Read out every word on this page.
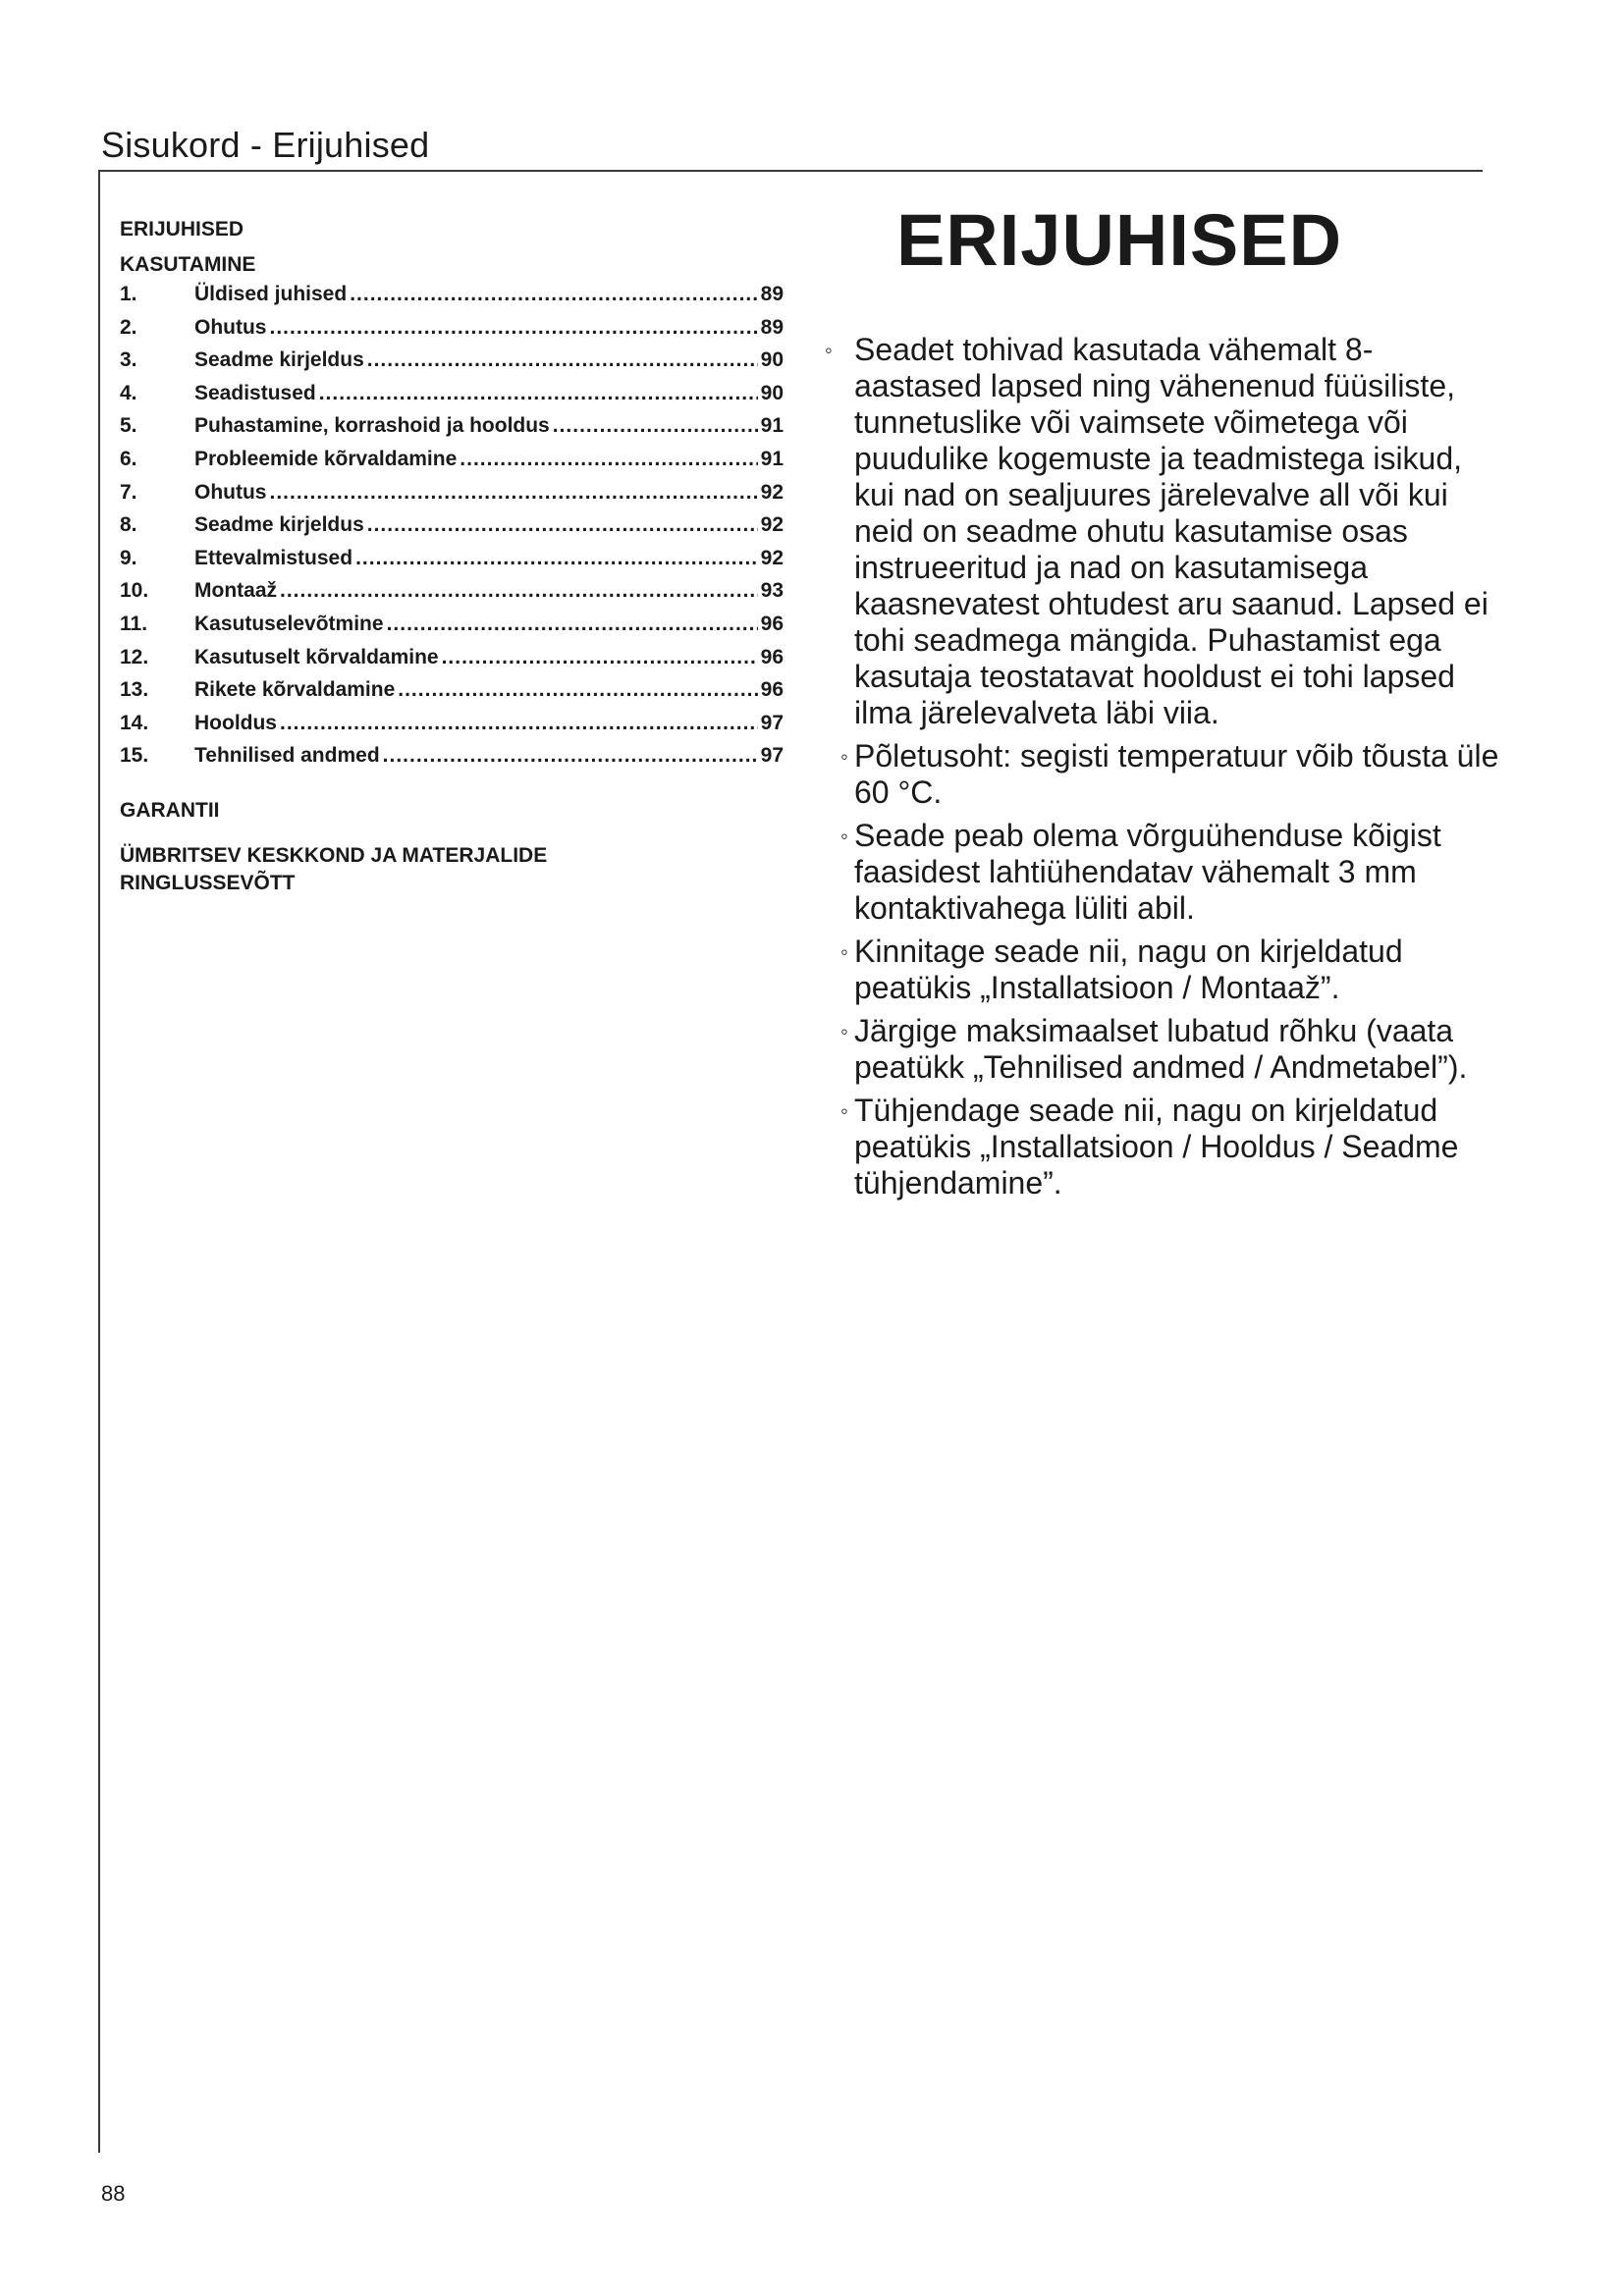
Sisukord - Erijuhised

ERIJUHISED

KASUTAMINE

1.	Üldised juhised .....	89
2.	Ohutus .....	89
3.	Seadme kirjeldus .....	90
4.	Seadistused .....	90
5.	Puhastamine, korrashoid ja hooldus .....	91
6.	Probleemide kõrvaldamine .....	91
7.	Ohutus .....	92
8.	Seadme kirjeldus .....	92
9.	Ettevalmistused .....	92
10.	Montaaž .....	93
11.	Kasutuselevõtmine .....	96
12.	Kasutuselt kõrvaldamine .....	96
13.	Rikete kõrvaldamine .....	96
14.	Hooldus .....	97
15.	Tehnilised andmed .....	97

GARANTII

ÜMBRITSEV KESKKOND JA MATERJALIDE
RINGLUSSEVÕTT

ERIJUHISED
◦ Seadet tohivad kasutada vähemalt 8-aastased lapsed ning vähenenud füüsiliste, tunnetuslike või vaimsete võimetega või puudulike kogemuste ja teadmistega isikud, kui nad on sealjuures järelevalve all või kui neid on seadme ohutu kasutamise osas instrueeritud ja nad on kasutamisega kaasnevatest ohtudest aru saanud. Lapsed ei tohi seadmega mängida. Puhastamist ega kasutaja teostatavat hooldust ei tohi lapsed ilma järelevalveta läbi viia.
◦ Põletusoht: segisti temperatuur võib tõusta üle 60 °C.
◦ Seade peab olema võrguühenduse kõigist faasidest lahtiühendatav vähemalt 3 mm kontaktivahega lüliti abil.
◦ Kinnitage seade nii, nagu on kirjeldatud peatükis „Installatsioon / Montaaž”.
◦ Järgige maksimaalset lubatud rõhku (vaata peatükk „Tehnilised andmed / Andmetabel”).
◦ Tühjendage seade nii, nagu on kirjeldatud peatükis „Installatsioon / Hooldus / Seadme tühjendamine”.
88
